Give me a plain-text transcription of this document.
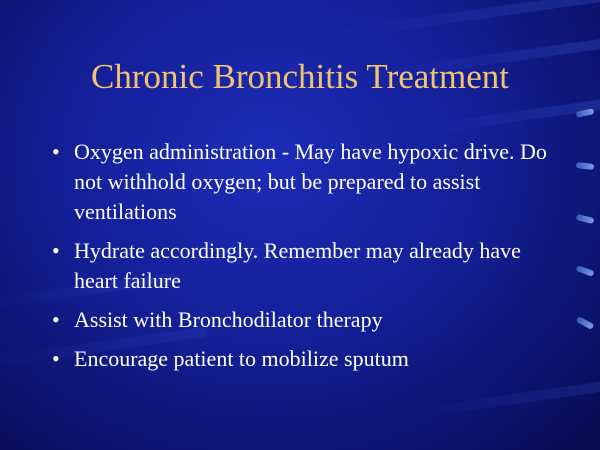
Chronic Bronchitis Treatment
• Oxygen administration - May have hypoxic drive. Do not withhold oxygen; but be prepared to assist ventilations
• Hydrate accordingly. Remember may already have heart failure
• Assist with Bronchodilator therapy
• Encourage patient to mobilize sputum
